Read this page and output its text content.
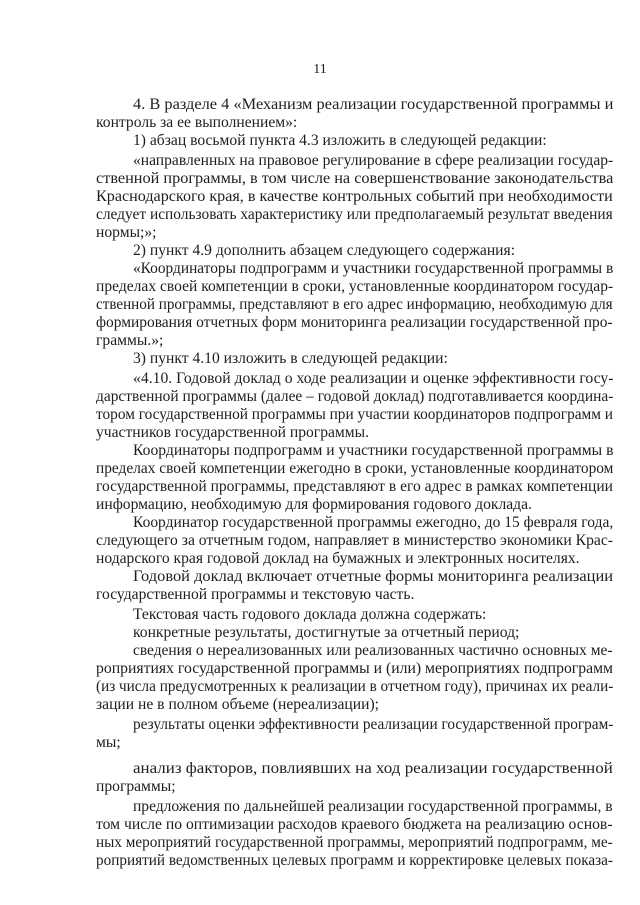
11
4. В разделе 4 «Механизм реализации государственной программы и
контроль за ее выполнением»:
1) абзац восьмой пункта 4.3 изложить в следующей редакции:
«направленных на правовое регулирование в сфере реализации государ-
ственной программы, в том числе на совершенствование законодательства
Краснодарского края, в качестве контрольных событий при необходимости
следует использовать характеристику или предполагаемый результат введения
нормы;»;
2) пункт 4.9 дополнить абзацем следующего содержания:
«Координаторы подпрограмм и участники государственной программы в
пределах своей компетенции в сроки, установленные координатором государ-
ственной программы, представляют в его адрес информацию, необходимую для
формирования отчетных форм мониторинга реализации государственной про-
граммы.»;
3) пункт 4.10 изложить в следующей редакции:
«4.10. Годовой доклад о ходе реализации и оценке эффективности госу-
дарственной программы (далее – годовой доклад) подготавливается координа-
тором государственной программы при участии координаторов подпрограмм и
участников государственной программы.
Координаторы подпрограмм и участники государственной программы в
пределах своей компетенции ежегодно в сроки, установленные координатором
государственной программы, представляют в его адрес в рамках компетенции
информацию, необходимую для формирования годового доклада.
Координатор государственной программы ежегодно, до 15 февраля года,
следующего за отчетным годом, направляет в министерство экономики Крас-
нодарского края годовой доклад на бумажных и электронных носителях.
Годовой доклад включает отчетные формы мониторинга реализации
государственной программы и текстовую часть.
Текстовая часть годового доклада должна содержать:
конкретные результаты, достигнутые за отчетный период;
сведения о нереализованных или реализованных частично основных ме-
роприятиях государственной программы и (или) мероприятиях подпрограмм
(из числа предусмотренных к реализации в отчетном году), причинах их реали-
зации не в полном объеме (нереализации);
результаты оценки эффективности реализации государственной програм-
мы;
анализ факторов, повлиявших на ход реализации государственной
программы;
предложения по дальнейшей реализации государственной программы, в
том числе по оптимизации расходов краевого бюджета на реализацию основ-
ных мероприятий государственной программы, мероприятий подпрограмм, ме-
роприятий ведомственных целевых программ и корректировке целевых показа-
